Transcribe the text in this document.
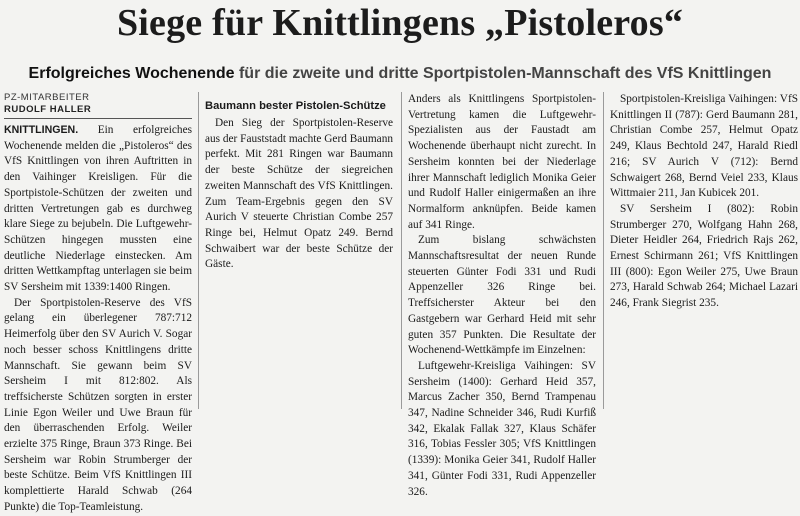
Siege für Knittlingens „Pistoleros“
Erfolgreiches Wochenende für die zweite und dritte Sportpistolen-Mannschaft des VfS Knittlingen
PZ-MITARBEITER
RUDOLF HALLER

KNITTLINGEN. Ein erfolgreiches Wochenende melden die „Pistoleros“ des VfS Knittlingen von ihren Auftritten in den Vaihinger Kreisligen. Für die Sportpistole-Schützen der zweiten und dritten Vertretungen gab es durchweg klare Siege zu bejubeln. Die Luftgewehr-Schützen hingegen mussten eine deutliche Niederlage einstecken. Am dritten Wettkampftag unterlagen sie beim SV Sersheim mit 1339:1400 Ringen.

Der Sportpistolen-Reserve des VfS gelang ein überlegener 787:712 Heimerfolg über den SV Aurich V. Sogar noch besser schoss Knittlingens dritte Mannschaft. Sie gewann beim SV Sersheim I mit 812:802. Als treffsicherste Schützen sorgten in erster Linie Egon Weiler und Uwe Braun für den überraschenden Erfolg. Weiler erzielte 375 Ringe, Braun 373 Ringe. Bei Sersheim war Robin Strumberger der beste Schütze. Beim VfS Knittlingen III komplettierte Harald Schwab (264 Punkte) die Top-Teamleistung.

Baumann bester Pistolen-Schütze

Den Sieg der Sportpistolen-Reserve aus der Fauststadt machte Gerd Baumann perfekt. Mit 281 Ringen war Baumann der beste Schütze der siegreichen zweiten Mannschaft des VfS Knittlingen. Zum Team-Ergebnis gegen den SV Aurich V steuerte Christian Combe 257 Ringe bei, Helmut Opatz 249. Bernd Schwaibert war der beste Schütze der Gäste.

Anders als Knittlingens Sportpistolen-Vertretung kamen die Luftgewehr-Spezialisten aus der Faustadt am Wochenende überhaupt nicht zurecht. In Sersheim konnten bei der Niederlage ihrer Mannschaft lediglich Monika Geier und Rudolf Haller einigermaßen an ihre Normalform anknüpfen. Beide kamen auf 341 Ringe.

Zum bislang schwächsten Mannschaftsresultat der neuen Runde steuerten Günter Fodi 331 und Rudi Appenzeller 326 Ringe bei. Treffsicherster Akteur bei den Gastgebern war Gerhard Heid mit sehr guten 357 Punkten. Die Resultate der Wochenend-Wettkämpfe im Einzelnen:

Luftgewehr-Kreisliga Vaihingen: SV Sersheim (1400): Gerhard Heid 357, Marcus Zacher 350, Bernd Trampenau 347, Nadine Schneider 346, Rudi Kurfiß 342, Ekalak Fallak 327, Klaus Schäfer 316, Tobias Fessler 305; VfS Knittlingen (1339): Monika Geier 341, Rudolf Haller 341, Günter Fodi 331, Rudi Appenzeller 326.

Sportpistolen-Kreisliga Vaihingen: VfS Knittlingen II (787): Gerd Baumann 281, Christian Combe 257, Helmut Opatz 249, Klaus Bechtold 247, Harald Riedl 216; SV Aurich V (712): Bernd Schwaigert 268, Bernd Veiel 233, Klaus Wittmaier 211, Jan Kubicek 201.

SV Sersheim I (802): Robin Strumberger 270, Wolfgang Hahn 268, Dieter Heidler 264, Friedrich Rajs 262, Ernest Schirmann 261; VfS Knittlingen III (800): Egon Weiler 275, Uwe Braun 273, Harald Schwab 264; Michael Lazari 246, Frank Siegrist 235.
